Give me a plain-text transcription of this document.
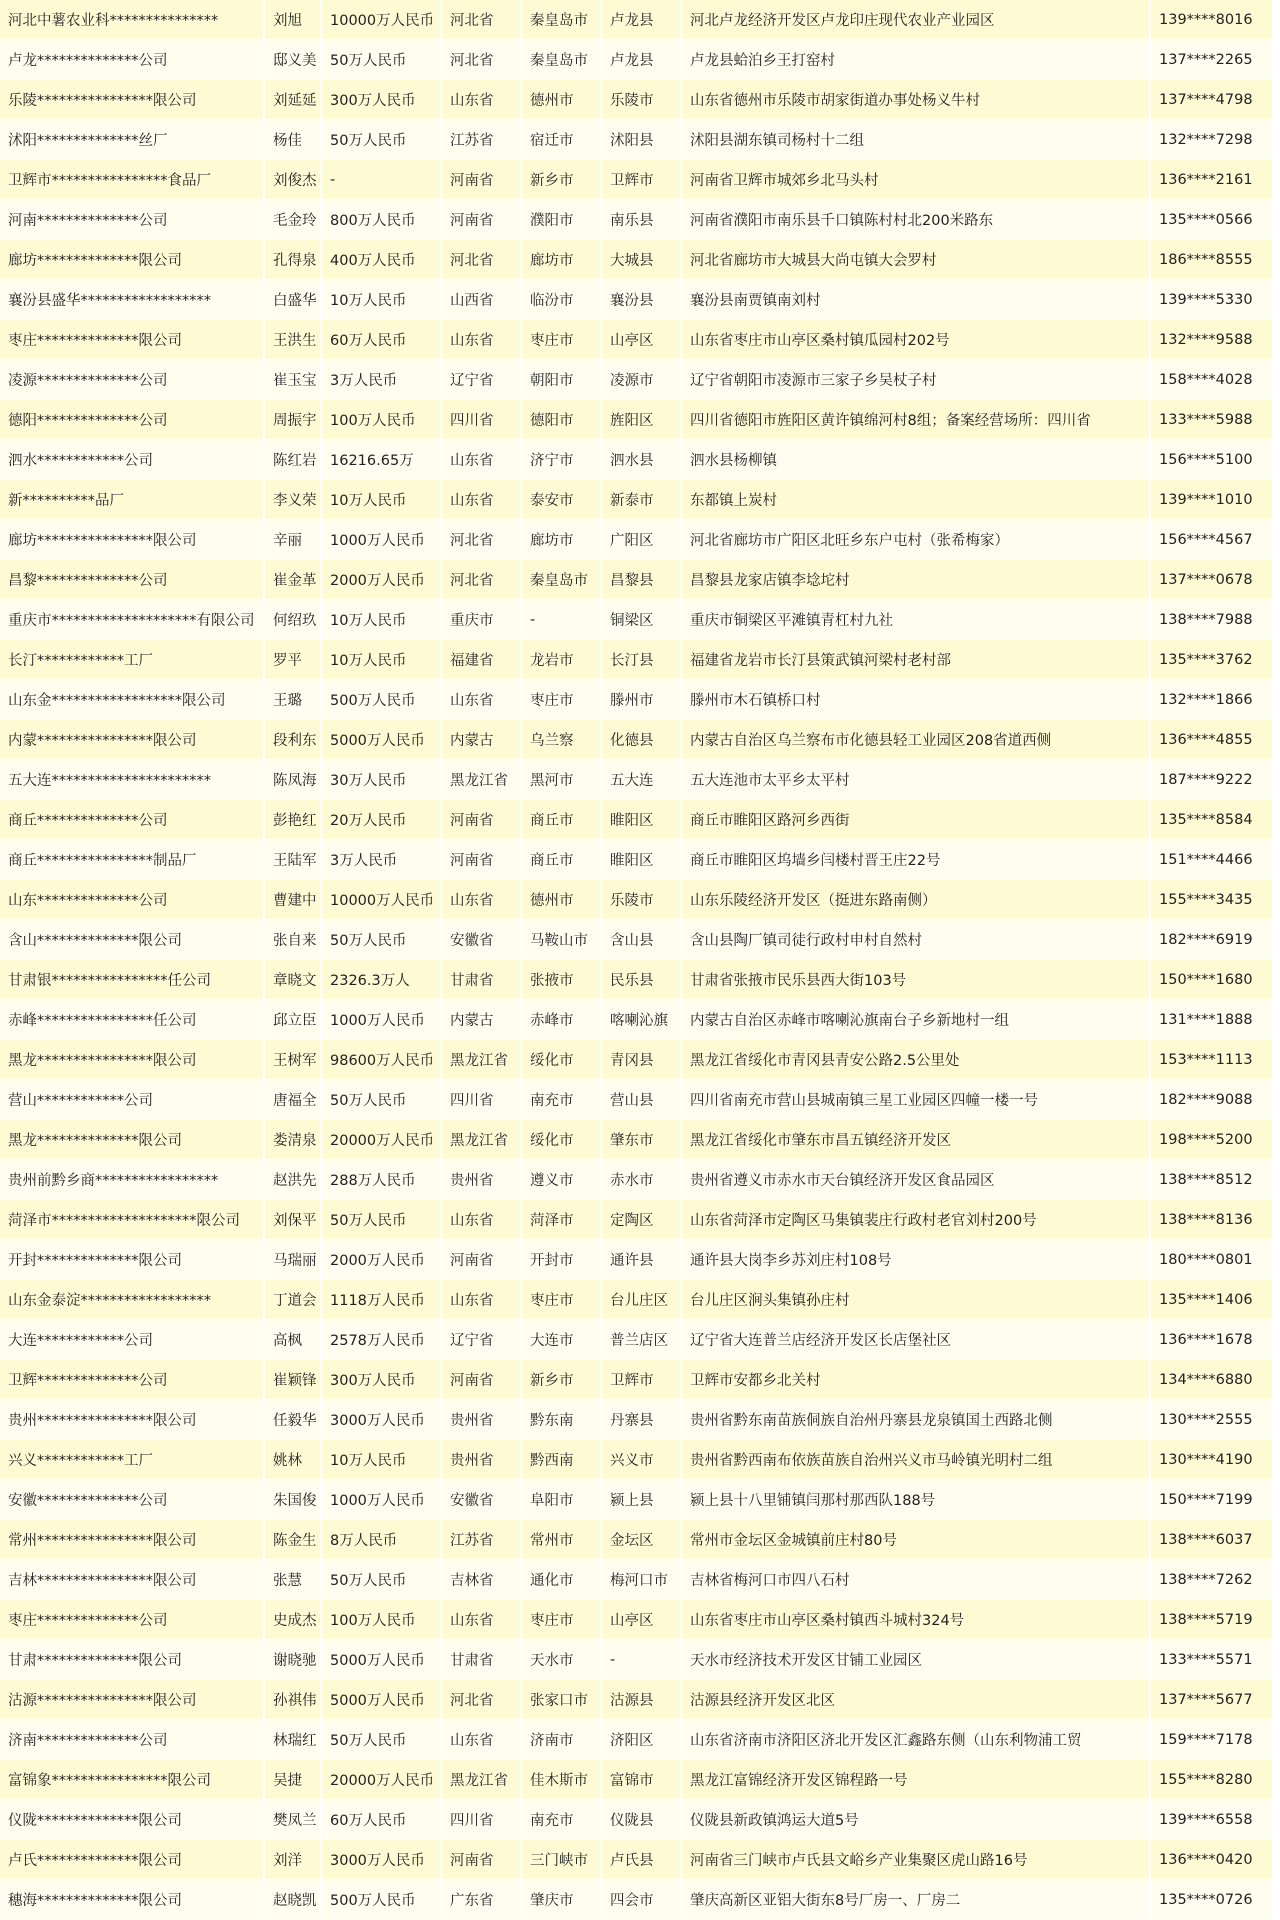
河北中薯农业科***************	刘旭	10000万人民币	河北省	秦皇岛市	卢龙县	河北卢龙经济开发区卢龙印庄现代农业产业园区	139****8016
卢龙**************公司	邸义美	50万人民币	河北省	秦皇岛市	卢龙县	卢龙县蛤泊乡王打窑村	137****2265
乐陵****************限公司	刘延延	300万人民币	山东省	德州市	乐陵市	山东省德州市乐陵市胡家街道办事处杨义牛村	137****4798
沭阳**************丝厂	杨佳	50万人民币	江苏省	宿迁市	沭阳县	沭阳县湖东镇司杨村十二组	132****7298
卫辉市****************食品厂	刘俊杰	-	河南省	新乡市	卫辉市	河南省卫辉市城郊乡北马头村	136****2161
河南**************公司	毛金玲	800万人民币	河南省	濮阳市	南乐县	河南省濮阳市南乐县千口镇陈村村北200米路东	135****0566
廊坊**************限公司	孔得泉	400万人民币	河北省	廊坊市	大城县	河北省廊坊市大城县大尚屯镇大会罗村	186****8555
襄汾县盛华******************	白盛华	10万人民币	山西省	临汾市	襄汾县	襄汾县南贾镇南刘村	139****5330
枣庄**************限公司	王洪生	60万人民币	山东省	枣庄市	山亭区	山东省枣庄市山亭区桑村镇瓜园村202号	132****9588
凌源**************公司	崔玉宝	3万人民币	辽宁省	朝阳市	凌源市	辽宁省朝阳市凌源市三家子乡吴杖子村	158****4028
德阳**************公司	周振宇	100万人民币	四川省	德阳市	旌阳区	四川省德阳市旌阳区黄许镇绵河村8组；备案经营场所：四川省	133****5988
泗水************公司	陈红岩	16216.65万	山东省	济宁市	泗水县	泗水县杨柳镇	156****5100
新**********品厂	李义荣	10万人民币	山东省	泰安市	新泰市	东都镇上炭村	139****1010
廊坊****************限公司	辛丽	1000万人民币	河北省	廊坊市	广阳区	河北省廊坊市广阳区北旺乡东户屯村（张希梅家）	156****4567
昌黎**************公司	崔金革	2000万人民币	河北省	秦皇岛市	昌黎县	昌黎县龙家店镇李埝坨村	137****0678
重庆市********************有限公司	何绍玖	10万人民币	重庆市	-	铜梁区	重庆市铜梁区平滩镇青杠村九社	138****7988
长汀************工厂	罗平	10万人民币	福建省	龙岩市	长汀县	福建省龙岩市长汀县策武镇河梁村老村部	135****3762
山东金******************限公司	王璐	500万人民币	山东省	枣庄市	滕州市	滕州市木石镇桥口村	132****1866
内蒙****************限公司	段利东	5000万人民币	内蒙古	乌兰察	化德县	内蒙古自治区乌兰察布市化德县轻工业园区208省道西侧	136****4855
五大连**********************	陈凤海	30万人民币	黑龙江省	黑河市	五大连	五大连池市太平乡太平村	187****9222
商丘**************公司	彭艳红	20万人民币	河南省	商丘市	睢阳区	商丘市睢阳区路河乡西街	135****8584
商丘****************制品厂	王陆军	3万人民币	河南省	商丘市	睢阳区	商丘市睢阳区坞墙乡闫楼村晋王庄22号	151****4466
山东**************公司	曹建中	10000万人民币	山东省	德州市	乐陵市	山东乐陵经济开发区（挺进东路南侧）	155****3435
含山**************限公司	张自来	50万人民币	安徽省	马鞍山市	含山县	含山县陶厂镇司徒行政村申村自然村	182****6919
甘肃银****************任公司	章晓文	2326.3万人	甘肃省	张掖市	民乐县	甘肃省张掖市民乐县西大街103号	150****1680
赤峰****************任公司	邱立臣	1000万人民币	内蒙古	赤峰市	喀喇沁旗	内蒙古自治区赤峰市喀喇沁旗南台子乡新地村一组	131****1888
黑龙****************限公司	王树军	98600万人民币	黑龙江省	绥化市	青冈县	黑龙江省绥化市青冈县青安公路2.5公里处	153****1113
营山************公司	唐福全	50万人民币	四川省	南充市	营山县	四川省南充市营山县城南镇三星工业园区四幢一楼一号	182****9088
黑龙**************限公司	娄清泉	20000万人民币	黑龙江省	绥化市	肇东市	黑龙江省绥化市肇东市昌五镇经济开发区	198****5200
贵州前黔乡商*****************	赵洪先	288万人民币	贵州省	遵义市	赤水市	贵州省遵义市赤水市天台镇经济开发区食品园区	138****8512
菏泽市********************限公司	刘保平	50万人民币	山东省	菏泽市	定陶区	山东省菏泽市定陶区马集镇裴庄行政村老官刘村200号	138****8136
开封**************限公司	马瑞丽	2000万人民币	河南省	开封市	通许县	通许县大岗李乡苏刘庄村108号	180****0801
山东金泰淀******************	丁道会	1118万人民币	山东省	枣庄市	台儿庄区	台儿庄区涧头集镇孙庄村	135****1406
大连************公司	高枫	2578万人民币	辽宁省	大连市	普兰店区	辽宁省大连普兰店经济开发区长店堡社区	136****1678
卫辉**************公司	崔颖锋	300万人民币	河南省	新乡市	卫辉市	卫辉市安都乡北关村	134****6880
贵州****************限公司	任毅华	3000万人民币	贵州省	黔东南	丹寨县	贵州省黔东南苗族侗族自治州丹寨县龙泉镇国土西路北侧	130****2555
兴义************工厂	姚林	10万人民币	贵州省	黔西南	兴义市	贵州省黔西南布依族苗族自治州兴义市马岭镇光明村二组	130****4190
安徽**************公司	朱国俊	1000万人民币	安徽省	阜阳市	颍上县	颍上县十八里铺镇闫那村那西队188号	150****7199
常州****************限公司	陈金生	8万人民币	江苏省	常州市	金坛区	常州市金坛区金城镇前庄村80号	138****6037
吉林****************限公司	张慧	50万人民币	吉林省	通化市	梅河口市	吉林省梅河口市四八石村	138****7262
枣庄**************公司	史成杰	100万人民币	山东省	枣庄市	山亭区	山东省枣庄市山亭区桑村镇西斗城村324号	138****5719
甘肃**************限公司	谢晓驰	5000万人民币	甘肃省	天水市	-	天水市经济技术开发区甘铺工业园区	133****5571
沽源****************限公司	孙祺伟	5000万人民币	河北省	张家口市	沽源县	沽源县经济开发区北区	137****5677
济南**************公司	林瑞红	50万人民币	山东省	济南市	济阳区	山东省济南市济阳区济北开发区汇鑫路东侧（山东利物浦工贸	159****7178
富锦象****************限公司	吴捷	20000万人民币	黑龙江省	佳木斯市	富锦市	黑龙江富锦经济开发区锦程路一号	155****8280
仪陇**************限公司	樊凤兰	60万人民币	四川省	南充市	仪陇县	仪陇县新政镇鸿运大道5号	139****6558
卢氏**************限公司	刘洋	3000万人民币	河南省	三门峡市	卢氏县	河南省三门峡市卢氏县文峪乡产业集聚区虎山路16号	136****0420
穗海**************限公司	赵晓凯	500万人民币	广东省	肇庆市	四会市	肇庆高新区亚铝大街东8号厂房一、厂房二	135****0726
